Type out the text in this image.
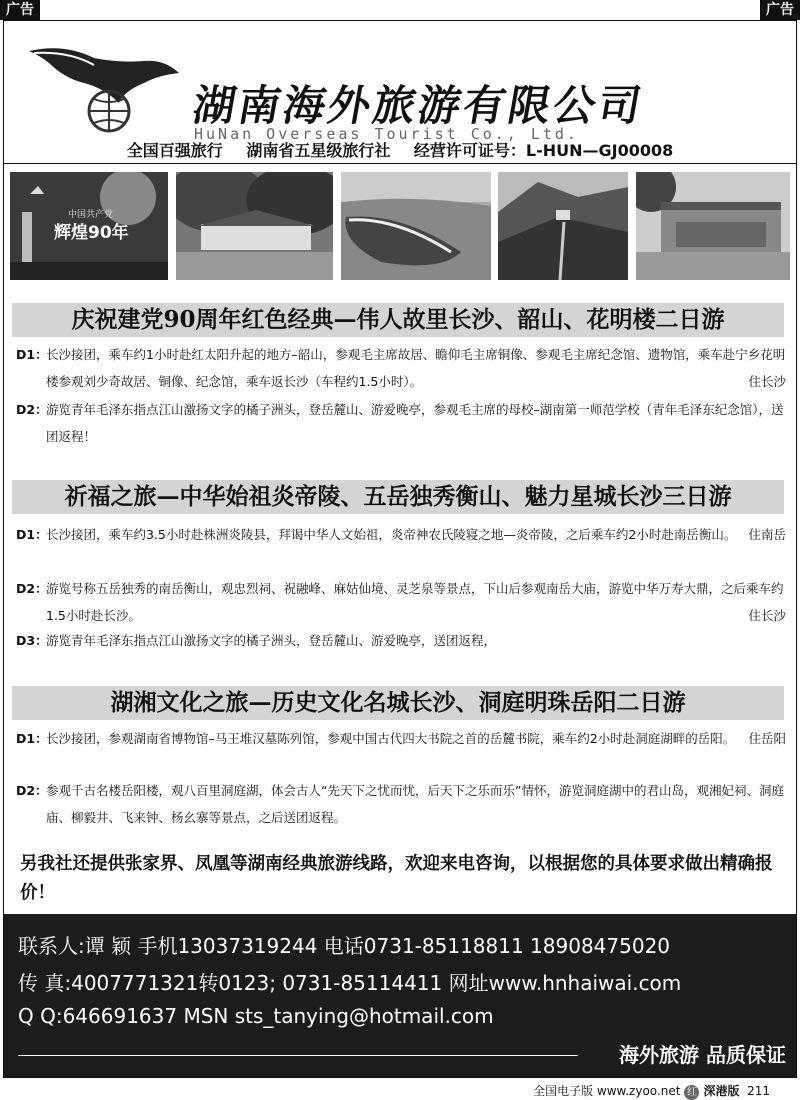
广告	广告
湖南海外旅游有限公司
HuNan Overseas Tourist Co., Ltd.
全国百强旅行 湖南省五星级旅行社 经营许可证号：L-HUN—GJ00008
中国共产党
辉煌90年
庆祝建党90周年红色经典—伟人故里长沙、韶山、花明楼二日游
D1：
长沙接团，乘车约1小时赴红太阳升起的地方–韶山，参观毛主席故居、瞻仰毛主席铜像、参观毛主席纪念馆、遗物馆，乘车赴宁乡花明楼参观刘少奇故居、铜像、纪念馆，乘车返长沙（车程约1.5小时）。	住长沙
D2：
游览青年毛泽东指点江山激扬文字的橘子洲头，登岳麓山、游爱晚亭，参观毛主席的母校–湖南第一师范学校（青年毛泽东纪念馆），送团返程！
祈福之旅—中华始祖炎帝陵、五岳独秀衡山、魅力星城长沙三日游
D1：
长沙接团，乘车约3.5小时赴株洲炎陵县，拜谒中华人文始祖，炎帝神农氏陵寝之地—炎帝陵，之后乘车约2小时赴南岳衡山。 住南岳
D2：
游览号称五岳独秀的南岳衡山，观忠烈祠、祝融峰、麻姑仙境、灵芝泉等景点，下山后参观南岳大庙，游览中华万寿大鼎，之后乘车约1.5小时赴长沙。	住长沙
D3：
游览青年毛泽东指点江山激扬文字的橘子洲头，登岳麓山、游爱晚亭，送团返程，
湖湘文化之旅—历史文化名城长沙、洞庭明珠岳阳二日游
D1：
长沙接团，参观湖南省博物馆–马王堆汉墓陈列馆，参观中国古代四大书院之首的岳麓书院，乘车约2小时赴洞庭湖畔的岳阳。	住岳阳
D2：
参观千古名楼岳阳楼，观八百里洞庭湖，体会古人“先天下之忧而忧，后天下之乐而乐”情怀，游览洞庭湖中的君山岛，观湘妃祠、洞庭庙、柳毅井、飞来钟、杨幺寨等景点，之后送团返程。
另我社还提供张家界、凤凰等湖南经典旅游线路，欢迎来电咨询，以根据您的具体要求做出精确报价！
联系人:谭 颖 手机13037319244 电话0731-85118811 18908475020
传 真:4007771321转0123; 0731-85114411 网址www.hnhaiwai.com
Q Q:646691637 MSN sts_tanying@hotmail.com
海外旅游 品质保证
全国电子版 www.zyoo.net 红 深港版 211
